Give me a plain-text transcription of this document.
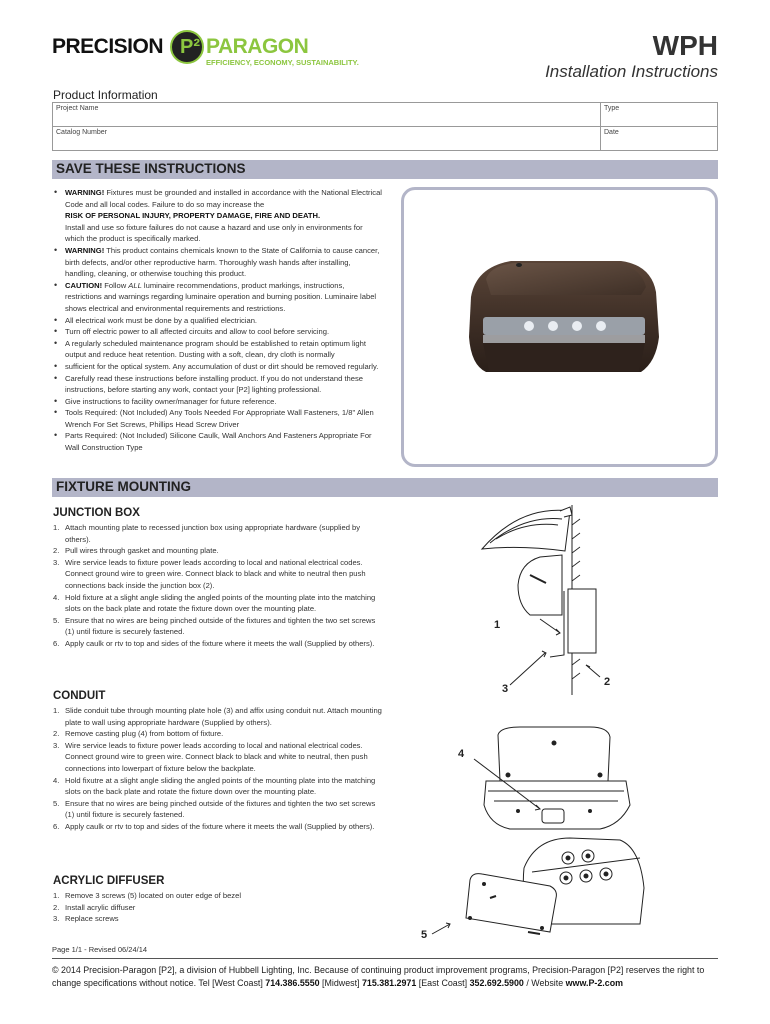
PRECISION P² PARAGON
EFFICIENCY, ECONOMY, SUSTAINABILITY.
WPH
Installation Instructions
Product Information
Project Name	Type
Catalog Number	Date
SAVE THESE INSTRUCTIONS
• WARNING! Fixtures must be grounded and installed in accordance with the National Electrical Code and all local codes. Failure to do so may increase the
RISK OF PERSONAL INJURY, PROPERTY DAMAGE, FIRE AND DEATH.
Install and use so fixture failures do not cause a hazard and use only in environments for which the product is specifically marked.
• WARNING! This product contains chemicals known to the State of California to cause cancer, birth defects, and/or other reproductive harm. Thoroughly wash hands after installing, handling, cleaning, or otherwise touching this product.
• CAUTION! Follow ALL luminaire recommendations, product markings, instructions, restrictions and warnings regarding luminaire operation and burning position. Luminaire label shows electrical and environmental requirements and restrictions.
• All electrical work must be done by a qualified electrician.
• Turn off electric power to all affected circuits and allow to cool before servicing.
• A regularly scheduled maintenance program should be established to retain optimum light output and reduce heat retention. Dusting with a soft, clean, dry cloth is normally
• sufficient for the optical system. Any accumulation of dust or dirt should be removed regularly.
• Carefully read these instructions before installing product. If you do not understand these instructions, before starting any work, contact your [P2] lighting professional.
• Give instructions to facility owner/manager for future reference.
• Tools Required: (Not Included) Any Tools Needed For Appropriate Wall Fasteners, 1/8" Allen Wrench For Set Screws, Phillips Head Screw Driver
• Parts Required: (Not Included) Silicone Caulk, Wall Anchors And Fasteners Appropriate For Wall Construction Type
FIXTURE MOUNTING
JUNCTION BOX
1. Attach mounting plate to recessed junction box using appropriate hardware (supplied by others).
2. Pull wires through gasket and mounting plate.
3. Wire service leads to fixture power leads according to local and national electrical codes. Connect ground wire to green wire. Connect black to black and white to neutral then push connections back inside the junction box (2).
4. Hold fixture at a slight angle sliding the angled points of the mounting plate into the matching slots on the back plate and rotate the fixture down over the mounting plate.
5. Ensure that no wires are being pinched outside of the fixtures and tighten the two set screws (1) until fixture is securely fastened.
6. Apply caulk or rtv to top and sides of the fixture where it meets the wall (Supplied by others).
CONDUIT
1. Slide conduit tube through mounting plate hole (3) and affix using conduit nut. Attach mounting plate to wall using appropriate hardware (Supplied by others).
2. Remove casting plug (4) from bottom of fixture.
3. Wire service leads to fixture power leads according to local and national electrical codes. Connect ground wire to green wire. Connect black to black and white to neutral, then push connections into lowerpart of fixture below the backplate.
4. Hold fixutre at a slight angle sliding the angled points of the mounting plate into the matching slots on the back plate and rotate the fixture down over the mounting plate.
5. Ensure that no wires are being pinched outside of the fixtures and tighten the two set screws (1) until fixture is securely fastened.
6. Apply caulk or rtv to top and sides of the fixture where it meets the wall (Supplied by others).
ACRYLIC DIFFUSER
1. Remove 3 screws (5) located on outer edge of bezel
2. Install acrylic diffuser
3. Replace screws
1
2
3
4
5
Page 1/1 - Revised 06/24/14
© 2014 Precision-Paragon [P2], a division of Hubbell Lighting, Inc. Because of continuing product improvement programs, Precision-Paragon [P2] reserves the right to change specifications without notice. Tel [West Coast] 714.386.5550 [Midwest] 715.381.2971 [East Coast] 352.692.5900 / Website www.P-2.com
